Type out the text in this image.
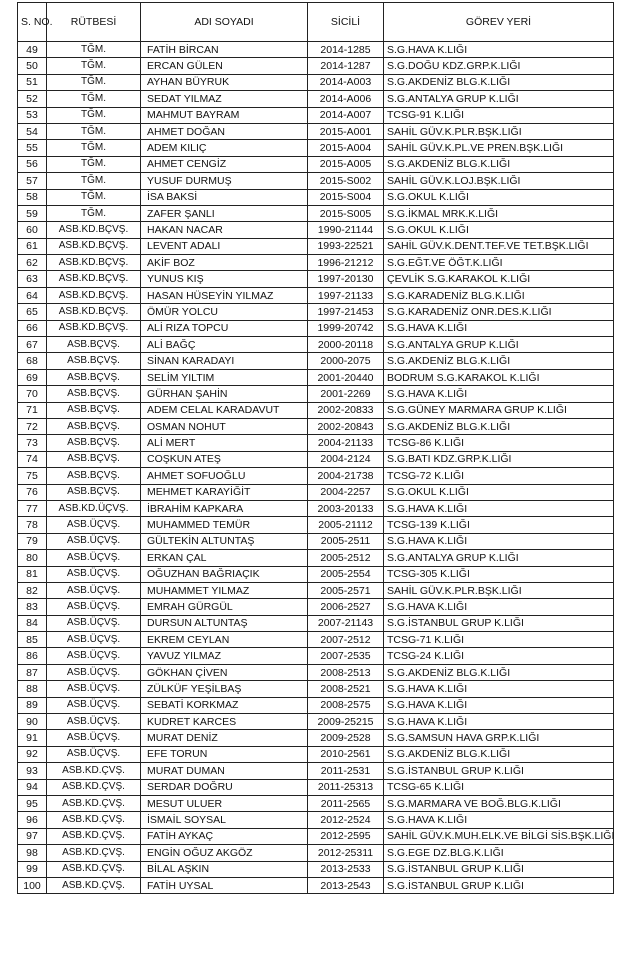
S. NO.	RÜTBESİ	ADI SOYADI	SİCİLİ	GÖREV YERİ
49	TĞM.	FATİH BİRCAN	2014-1285	S.G.HAVA K.LIĞI
50	TĞM.	ERCAN GÜLEN	2014-1287	S.G.DOĞU KDZ.GRP.K.LIĞI
51	TĞM.	AYHAN BÜYRUK	2014-A003	S.G.AKDENİZ BLG.K.LIĞI
52	TĞM.	SEDAT YILMAZ	2014-A006	S.G.ANTALYA GRUP K.LIĞI
53	TĞM.	MAHMUT BAYRAM	2014-A007	TCSG-91 K.LIĞI
54	TĞM.	AHMET DOĞAN	2015-A001	SAHİL GÜV.K.PLR.BŞK.LIĞI
55	TĞM.	ADEM KILIÇ	2015-A004	SAHİL GÜV.K.PL.VE PREN.BŞK.LIĞI
56	TĞM.	AHMET CENGİZ	2015-A005	S.G.AKDENİZ BLG.K.LIĞI
57	TĞM.	YUSUF DURMUŞ	2015-S002	SAHİL GÜV.K.LOJ.BŞK.LIĞI
58	TĞM.	İSA BAKSİ	2015-S004	S.G.OKUL K.LIĞI
59	TĞM.	ZAFER ŞANLI	2015-S005	S.G.İKMAL MRK.K.LIĞI
60	ASB.KD.BÇVŞ.	HAKAN NACAR	1990-21144	S.G.OKUL K.LIĞI
61	ASB.KD.BÇVŞ.	LEVENT ADALI	1993-22521	SAHİL GÜV.K.DENT.TEF.VE TET.BŞK.LIĞI
62	ASB.KD.BÇVŞ.	AKİF BOZ	1996-21212	S.G.EĞT.VE ÖĞT.K.LIĞI
63	ASB.KD.BÇVŞ.	YUNUS KIŞ	1997-20130	ÇEVLİK S.G.KARAKOL K.LIĞI
64	ASB.KD.BÇVŞ.	HASAN HÜSEYİN YILMAZ	1997-21133	S.G.KARADENİZ BLG.K.LIĞI
65	ASB.KD.BÇVŞ.	ÖMÜR YOLCU	1997-21453	S.G.KARADENİZ ONR.DES.K.LIĞI
66	ASB.KD.BÇVŞ.	ALİ RIZA TOPCU	1999-20742	S.G.HAVA K.LIĞI
67	ASB.BÇVŞ.	ALİ BAĞÇ	2000-20118	S.G.ANTALYA GRUP K.LIĞI
68	ASB.BÇVŞ.	SİNAN KARADAYI	2000-2075	S.G.AKDENİZ BLG.K.LIĞI
69	ASB.BÇVŞ.	SELİM YILTIM	2001-20440	BODRUM S.G.KARAKOL K.LIĞI
70	ASB.BÇVŞ.	GÜRHAN ŞAHİN	2001-2269	S.G.HAVA K.LIĞI
71	ASB.BÇVŞ.	ADEM CELAL KARADAVUT	2002-20833	S.G.GÜNEY MARMARA GRUP K.LIĞI
72	ASB.BÇVŞ.	OSMAN NOHUT	2002-20843	S.G.AKDENİZ BLG.K.LIĞI
73	ASB.BÇVŞ.	ALİ MERT	2004-21133	TCSG-86 K.LIĞI
74	ASB.BÇVŞ.	COŞKUN ATEŞ	2004-2124	S.G.BATI KDZ.GRP.K.LIĞI
75	ASB.BÇVŞ.	AHMET SOFUOĞLU	2004-21738	TCSG-72 K.LIĞI
76	ASB.BÇVŞ.	MEHMET KARAYİĞİT	2004-2257	S.G.OKUL K.LIĞI
77	ASB.KD.ÜÇVŞ.	İBRAHİM KAPKARA	2003-20133	S.G.HAVA K.LIĞI
78	ASB.ÜÇVŞ.	MUHAMMED TEMÜR	2005-21112	TCSG-139 K.LIĞI
79	ASB.ÜÇVŞ.	GÜLTEKİN ALTUNTAŞ	2005-2511	S.G.HAVA K.LIĞI
80	ASB.ÜÇVŞ.	ERKAN ÇAL	2005-2512	S.G.ANTALYA GRUP K.LIĞI
81	ASB.ÜÇVŞ.	OĞUZHAN BAĞRIAÇIK	2005-2554	TCSG-305 K.LIĞI
82	ASB.ÜÇVŞ.	MUHAMMET YILMAZ	2005-2571	SAHİL GÜV.K.PLR.BŞK.LIĞI
83	ASB.ÜÇVŞ.	EMRAH GÜRGÜL	2006-2527	S.G.HAVA K.LIĞI
84	ASB.ÜÇVŞ.	DURSUN ALTUNTAŞ	2007-21143	S.G.İSTANBUL GRUP K.LIĞI
85	ASB.ÜÇVŞ.	EKREM CEYLAN	2007-2512	TCSG-71 K.LIĞI
86	ASB.ÜÇVŞ.	YAVUZ YILMAZ	2007-2535	TCSG-24 K.LIĞI
87	ASB.ÜÇVŞ.	GÖKHAN ÇİVEN	2008-2513	S.G.AKDENİZ BLG.K.LIĞI
88	ASB.ÜÇVŞ.	ZÜLKÜF YEŞİLBAŞ	2008-2521	S.G.HAVA K.LIĞI
89	ASB.ÜÇVŞ.	SEBATİ KORKMAZ	2008-2575	S.G.HAVA K.LIĞI
90	ASB.ÜÇVŞ.	KUDRET KARCES	2009-25215	S.G.HAVA K.LIĞI
91	ASB.ÜÇVŞ.	MURAT DENİZ	2009-2528	S.G.SAMSUN HAVA GRP.K.LIĞI
92	ASB.ÜÇVŞ.	EFE TORUN	2010-2561	S.G.AKDENİZ BLG.K.LIĞI
93	ASB.KD.ÇVŞ.	MURAT DUMAN	2011-2531	S.G.İSTANBUL GRUP K.LIĞI
94	ASB.KD.ÇVŞ.	SERDAR DOĞRU	2011-25313	TCSG-65 K.LIĞI
95	ASB.KD.ÇVŞ.	MESUT ULUER	2011-2565	S.G.MARMARA VE BOĞ.BLG.K.LIĞI
96	ASB.KD.ÇVŞ.	İSMAİL SOYSAL	2012-2524	S.G.HAVA K.LIĞI
97	ASB.KD.ÇVŞ.	FATİH AYKAÇ	2012-2595	SAHİL GÜV.K.MUH.ELK.VE BİLGİ SİS.BŞK.LIĞI
98	ASB.KD.ÇVŞ.	ENGİN OĞUZ AKGÖZ	2012-25311	S.G.EGE DZ.BLG.K.LIĞI
99	ASB.KD.ÇVŞ.	BİLAL AŞKIN	2013-2533	S.G.İSTANBUL GRUP K.LIĞI
100	ASB.KD.ÇVŞ.	FATİH UYSAL	2013-2543	S.G.İSTANBUL GRUP K.LIĞI
